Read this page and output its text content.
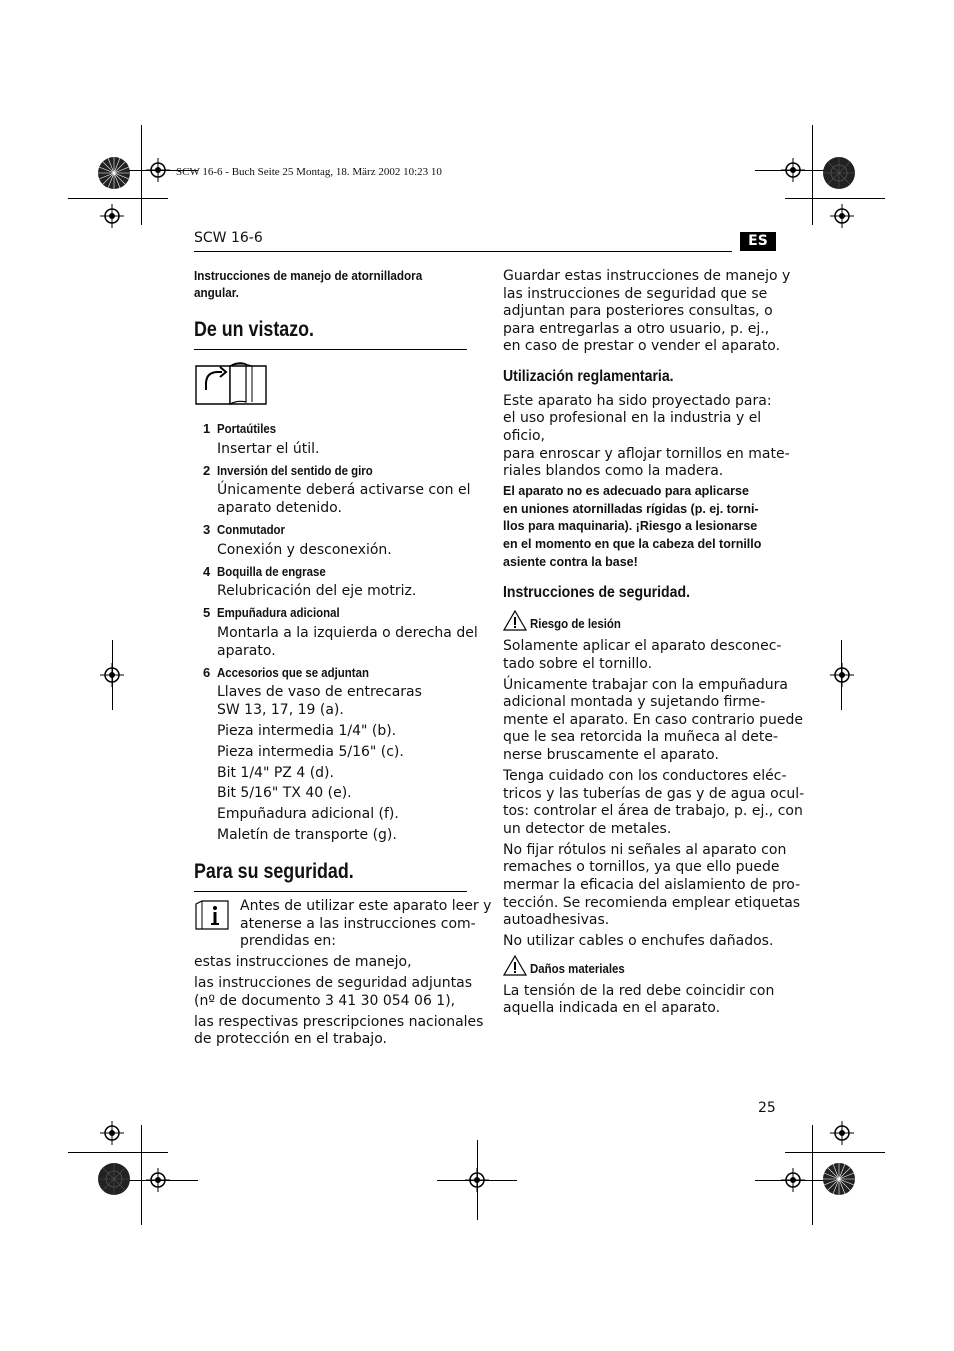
SCW 16-6 - Buch Seite 25 Montag, 18. März 2002 10:23 10
SCW 16-6	ES
Instrucciones de manejo de atornilladora angular.
De un vistazo.
1 Portaútiles
Insertar el útil.
2 Inversión del sentido de giro
Únicamente deberá activarse con el
aparato detenido.
3 Conmutador
Conexión y desconexión.
4 Boquilla de engrase
Relubricación del eje motriz.
5 Empuñadura adicional
Montarla a la izquierda o derecha del
aparato.
6 Accesorios que se adjuntan
Llaves de vaso de entrecaras
SW 13, 17, 19 (a).
Pieza intermedia 1/4" (b).
Pieza intermedia 5/16" (c).
Bit 1/4" PZ 4 (d).
Bit 5/16" TX 40 (e).
Empuñadura adicional (f).
Maletín de transporte (g).
Para su seguridad.
Antes de utilizar este aparato leer y
atenerse a las instrucciones com-
prendidas en:
estas instrucciones de manejo,
las instrucciones de seguridad adjuntas
(nº de documento 3 41 30 054 06 1),
las respectivas prescripciones nacionales
de protección en el trabajo.
Guardar estas instrucciones de manejo y
las instrucciones de seguridad que se
adjuntan para posteriores consultas, o
para entregarlas a otro usuario, p. ej.,
en caso de prestar o vender el aparato.
Utilización reglamentaria.
Este aparato ha sido proyectado para:
el uso profesional en la industria y el
oficio,
para enroscar y aflojar tornillos en mate-
riales blandos como la madera.
El aparato no es adecuado para aplicarse
en uniones atornilladas rígidas (p. ej. torni-
llos para maquinaria). ¡Riesgo a lesionarse
en el momento en que la cabeza del tornillo
asiente contra la base!
Instrucciones de seguridad.
Riesgo de lesión
Solamente aplicar el aparato desconec-
tado sobre el tornillo.
Únicamente trabajar con la empuñadura
adicional montada y sujetando firme-
mente el aparato. En caso contrario puede
que le sea retorcida la muñeca al dete-
nerse bruscamente el aparato.
Tenga cuidado con los conductores eléc-
tricos y las tuberías de gas y de agua ocul-
tos: controlar el área de trabajo, p. ej., con
un detector de metales.
No fijar rótulos ni señales al aparato con
remaches o tornillos, ya que ello puede
mermar la eficacia del aislamiento de pro-
tección. Se recomienda emplear etiquetas
autoadhesivas.
No utilizar cables o enchufes dañados.
Daños materiales
La tensión de la red debe coincidir con
aquella indicada en el aparato.
25
